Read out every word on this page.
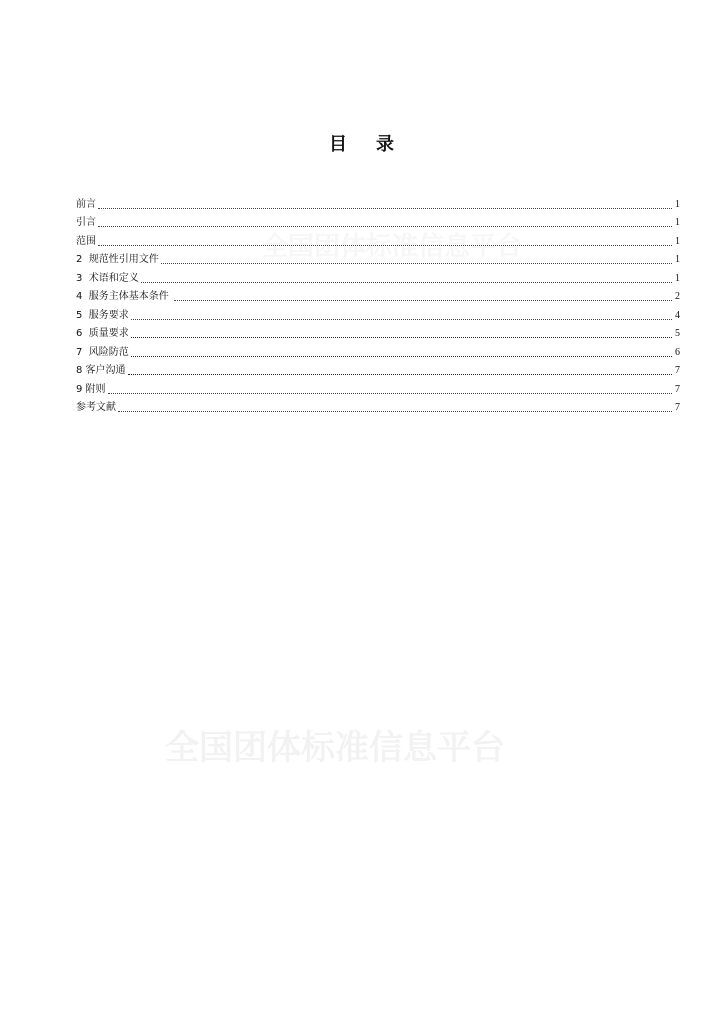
全国团体标准信息平台
全国团体标准信息平台
目 录
前言	1
引言	1
范围	1
2  规范性引用文件	1
3  术语和定义	1
4  服务主体基本条件	2
5  服务要求	4
6  质量要求	5
7  风险防范	6
8 客户沟通	7
9 附则	7
参考文献	7
